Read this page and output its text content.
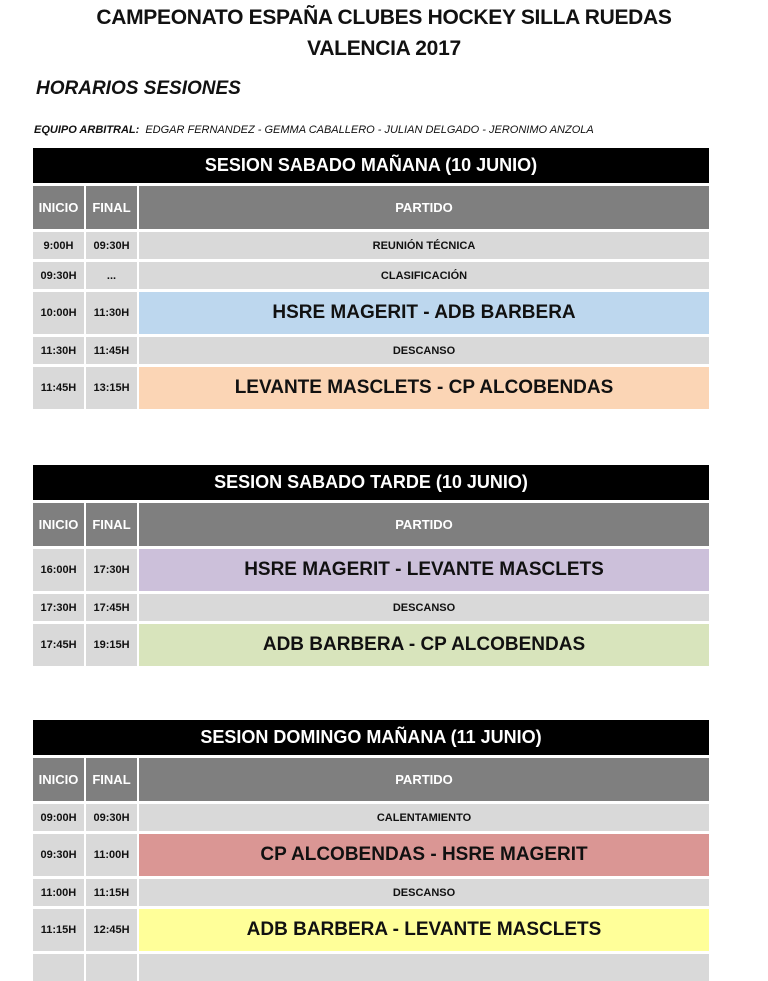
CAMPEONATO ESPAÑA CLUBES HOCKEY SILLA RUEDAS
VALENCIA 2017
HORARIOS SESIONES
EQUIPO ARBITRAL: EDGAR FERNANDEZ - GEMMA CABALLERO - JULIAN DELGADO - JERONIMO ANZOLA
SESION SABADO MAÑANA (10 JUNIO)
INICIO	FINAL	PARTIDO
9:00H	09:30H	REUNIÓN TÉCNICA
09:30H	...	CLASIFICACIÓN
10:00H	11:30H	HSRE MAGERIT - ADB BARBERA
11:30H	11:45H	DESCANSO
11:45H	13:15H	LEVANTE MASCLETS - CP ALCOBENDAS
SESION SABADO TARDE (10 JUNIO)
INICIO	FINAL	PARTIDO
16:00H	17:30H	HSRE MAGERIT - LEVANTE MASCLETS
17:30H	17:45H	DESCANSO
17:45H	19:15H	ADB BARBERA - CP ALCOBENDAS
SESION DOMINGO MAÑANA (11 JUNIO)
INICIO	FINAL	PARTIDO
09:00H	09:30H	CALENTAMIENTO
09:30H	11:00H	CP ALCOBENDAS - HSRE MAGERIT
11:00H	11:15H	DESCANSO
11:15H	12:45H	ADB BARBERA - LEVANTE MASCLETS
